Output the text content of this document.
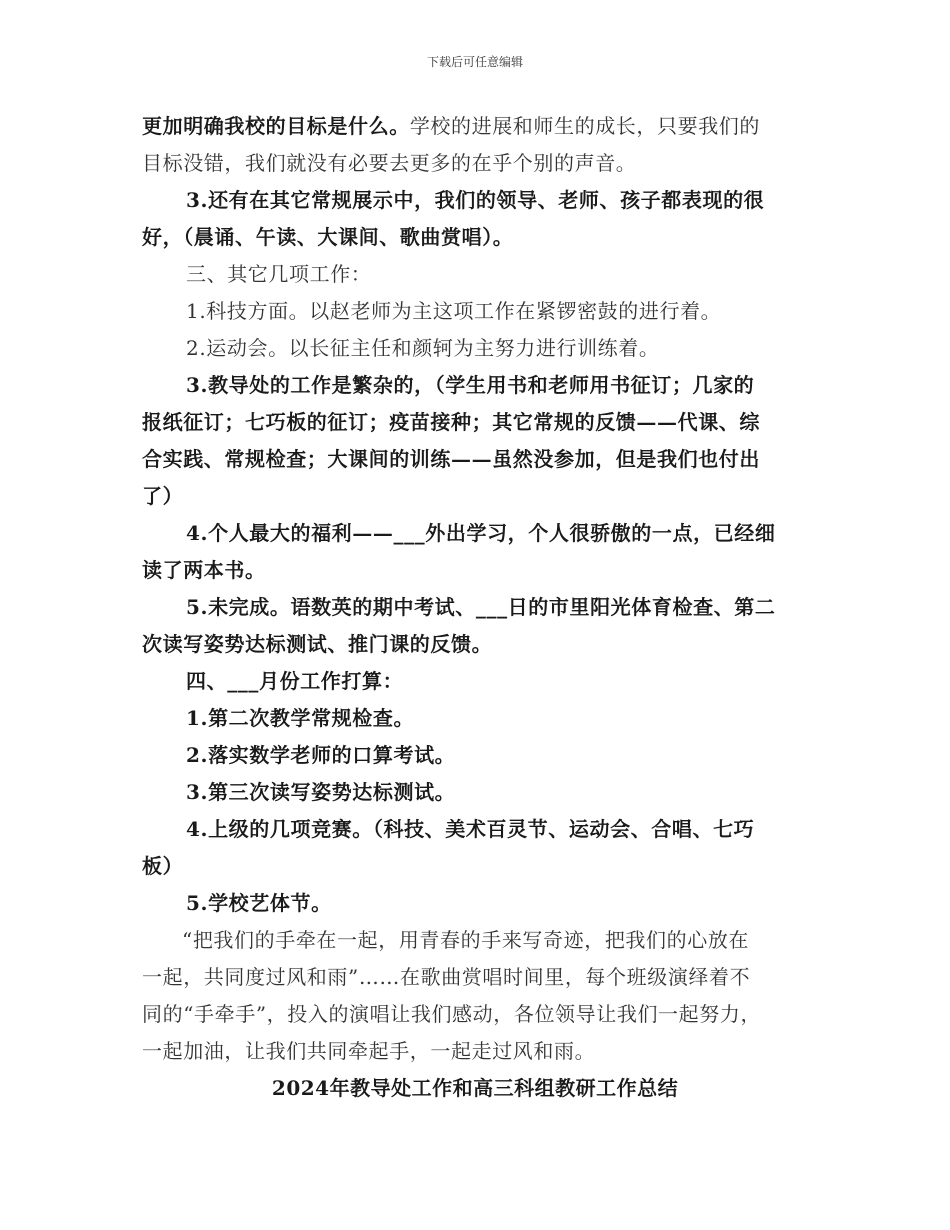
下载后可任意编辑
更加明确我校的目标是什么。学校的进展和师生的成长，只要我们的
目标没错，我们就没有必要去更多的在乎个别的声音。
3.还有在其它常规展示中，我们的领导、老师、孩子都表现的很
好，（晨诵、午读、大课间、歌曲赏唱）。
三、其它几项工作：
1.科技方面。以赵老师为主这项工作在紧锣密鼓的进行着。
2.运动会。以长征主任和颜轲为主努力进行训练着。
3.教导处的工作是繁杂的，（学生用书和老师用书征订；几家的
报纸征订；七巧板的征订；疫苗接种；其它常规的反馈——代课、综
合实践、常规检查；大课间的训练——虽然没参加，但是我们也付出
了）
4.个人最大的福利——___外出学习，个人很骄傲的一点，已经细
读了两本书。
5.未完成。语数英的期中考试、___日的市里阳光体育检查、第二
次读写姿势达标测试、推门课的反馈。
四、___月份工作打算：
1.第二次教学常规检查。
2.落实数学老师的口算考试。
3.第三次读写姿势达标测试。
4.上级的几项竞赛。（科技、美术百灵节、运动会、合唱、七巧
板）
5.学校艺体节。
“把我们的手牵在一起，用青春的手来写奇迹，把我们的心放在
一起，共同度过风和雨”……在歌曲赏唱时间里，每个班级演绎着不
同的“手牵手”，投入的演唱让我们感动，各位领导让我们一起努力，
一起加油，让我们共同牵起手，一起走过风和雨。
2024年教导处工作和高三科组教研工作总结
